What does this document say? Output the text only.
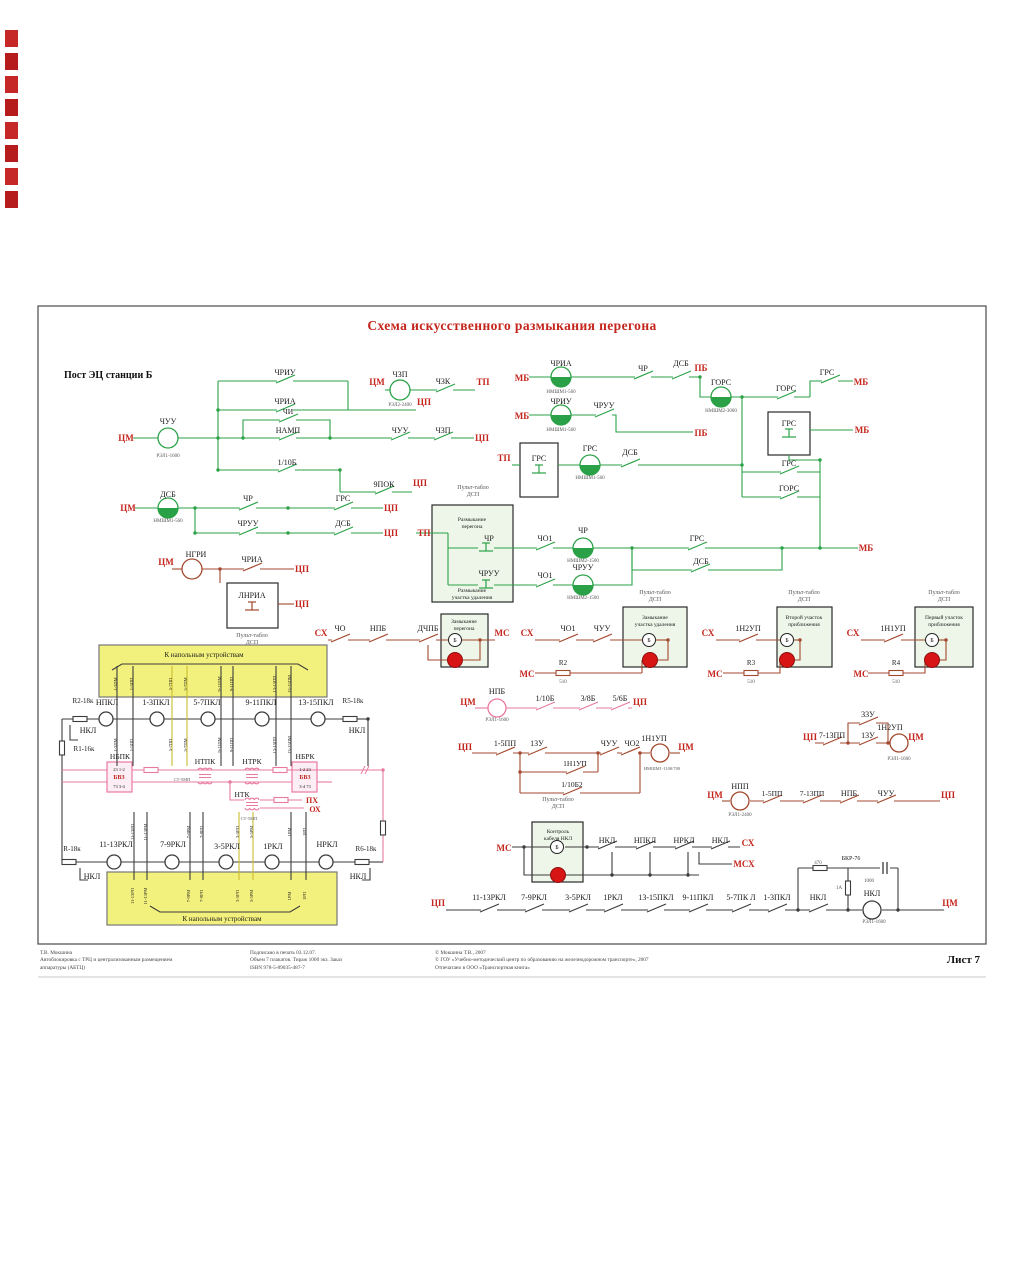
Б	Б	Б	Б
Б
ЦМ
ЧУУ
РЭЛ1-1600
ЧРИУ
ЧРИА
ЧИ
НАМП
1/10Б
ЧУУ	ЧЗП
ЦП
ЦП
9ПОК ЦП
ЦМ
ЧЗП
РЭЛ2-2400
ЧЗК	ТП	МБ
ЧРИА
НМШМ1-560
ЧР
ДСБ ПБ
ГОРС
НМШМ2-3000
ГОРС
ГРС
МБ
МБ
ЧРИУ
НМШМ1-560
ЧРУУ
ПБ
ГРС
МБ
ТП	ГРС
ГРС
НМШМ1-560
ДСБ
ГРС
ГОРС
Пульт-табло
ДСП
Размыкание
перегона
ЧР
ЧРУУ
Размыкание
участка удаления
ТП
ЧО1
ЧР
НМШМ2-1500
ГРС
ДСБ
МБ
ЧО1
ЧРУУ
НМШМ2-1500
ЦМ
ДСБ
НМШМ1-560
ЧР	ГРС
ЦП
ЧРУУ	ДСБ
ЦП
ЦМ
НГРИ
ЧРИА
ЦП
ЛНРИА
ЦП
Пульт-табло
ДСП
СХ ЧО	НПБ	ДЧПБ
Замыкание
перегона МС СХ	ЧО1 ЧУУ
Замыкание
участка удаления
МС
R2
510
Пульт-табло
ДСП
СХ	1Н2УП
Второй участок
приближения
МС
R3
510
Пульт-табло
ДСП
СХ	1Н1УП
Первый участок
приближения
МС
R4
510
Пульт-табло
ДСП
ЦМ
НПБ
РЭЛ1-1600
1/10Б	3/8Б 5/6Б ЦП
ЦП	1-5ПП 13У
1Н1УП
1/10Б2
ЧУУ ЧО2
1Н1УП
НМШМ1-1100/700
ЦМ
ЦП 7-13ПП
33У
13У
1Н2УП
РЭЛ1-1600
ЦМ
ЦМ
НПП
РЭЛ1-2400
1-5ПП 7-13ПП НПБ	ЧУУ	ЦП
МС
Пульт-табло
ДСП
Контроль
кабеля НКЛ	НКЛ НПКЛ НРКЛ НКЛ СХ
МСХ	470
БКР-76
1000
1А
ЦП
11-13РКЛ 7-9РКЛ 3-5РКЛ 1РКЛ 13-15ПКЛ 9-11ПКЛ 5-7ПК Л 1-3ПКЛ НКЛ	НКЛ
РЭЛ1-1600
ЦМ
R2-18к
НКЛ
R1-16к
НПКЛ	1-3ПКЛ	5-7ПКЛ	9-11ПКЛ	13-15ПКЛ R5-18к
НКЛ
К напольным устройствам
1-3ПМ 1-3ПП	5-7ПП 5-7ПМ	9-11ПМ 9-11ПП	13-15ПП 13-15ПМ
1-3ПМ 1-3ПП	5-7ПП 5-7ПМ	9-11ПМ 9-11ПП	13-15ПП 13-15ПМ
НБПК
23 1-2
БВЗ
73 3-4
НТПК
СТ-5МП
НТРК
НБРК
1-2 23
БВЗ
3-4 73
НТК
ПХ
СТ-5МП
ОХ
R-18к
НКЛ
11-13РКЛ	7-9РКЛ	3-5РКЛ	1РКЛ	НРКЛ	R6-18к
НКЛ
К напольным устройствам
11-13РП 11-13РМ	7-9РМ 7-9РП	3-5РП 3-5РМ	1РМ 1РП
11-13РП 11-13РМ	7-9РМ 7-9РП	3-5РП 3-5РМ	1РМ 1РП
Схема искусственного размыкания перегона
Пост ЭЦ станции Б
Лист 7
Т.В. Мокшина
Автоблокировка с ТРЦ и централизованным размещением
аппаратуры (АБТЦ)
Подписано в печать 03.12.07.
Объем 7 плакатов. Тираж 1000 экз. Заказ
ISBN 978-5-89035-487-7
© Мокшина Т.В., 2007
© ГОУ «Учебно-методический центр по образованию на железнодорожном транспорте», 2007
Отпечатано в ООО «Транспортная книга»
